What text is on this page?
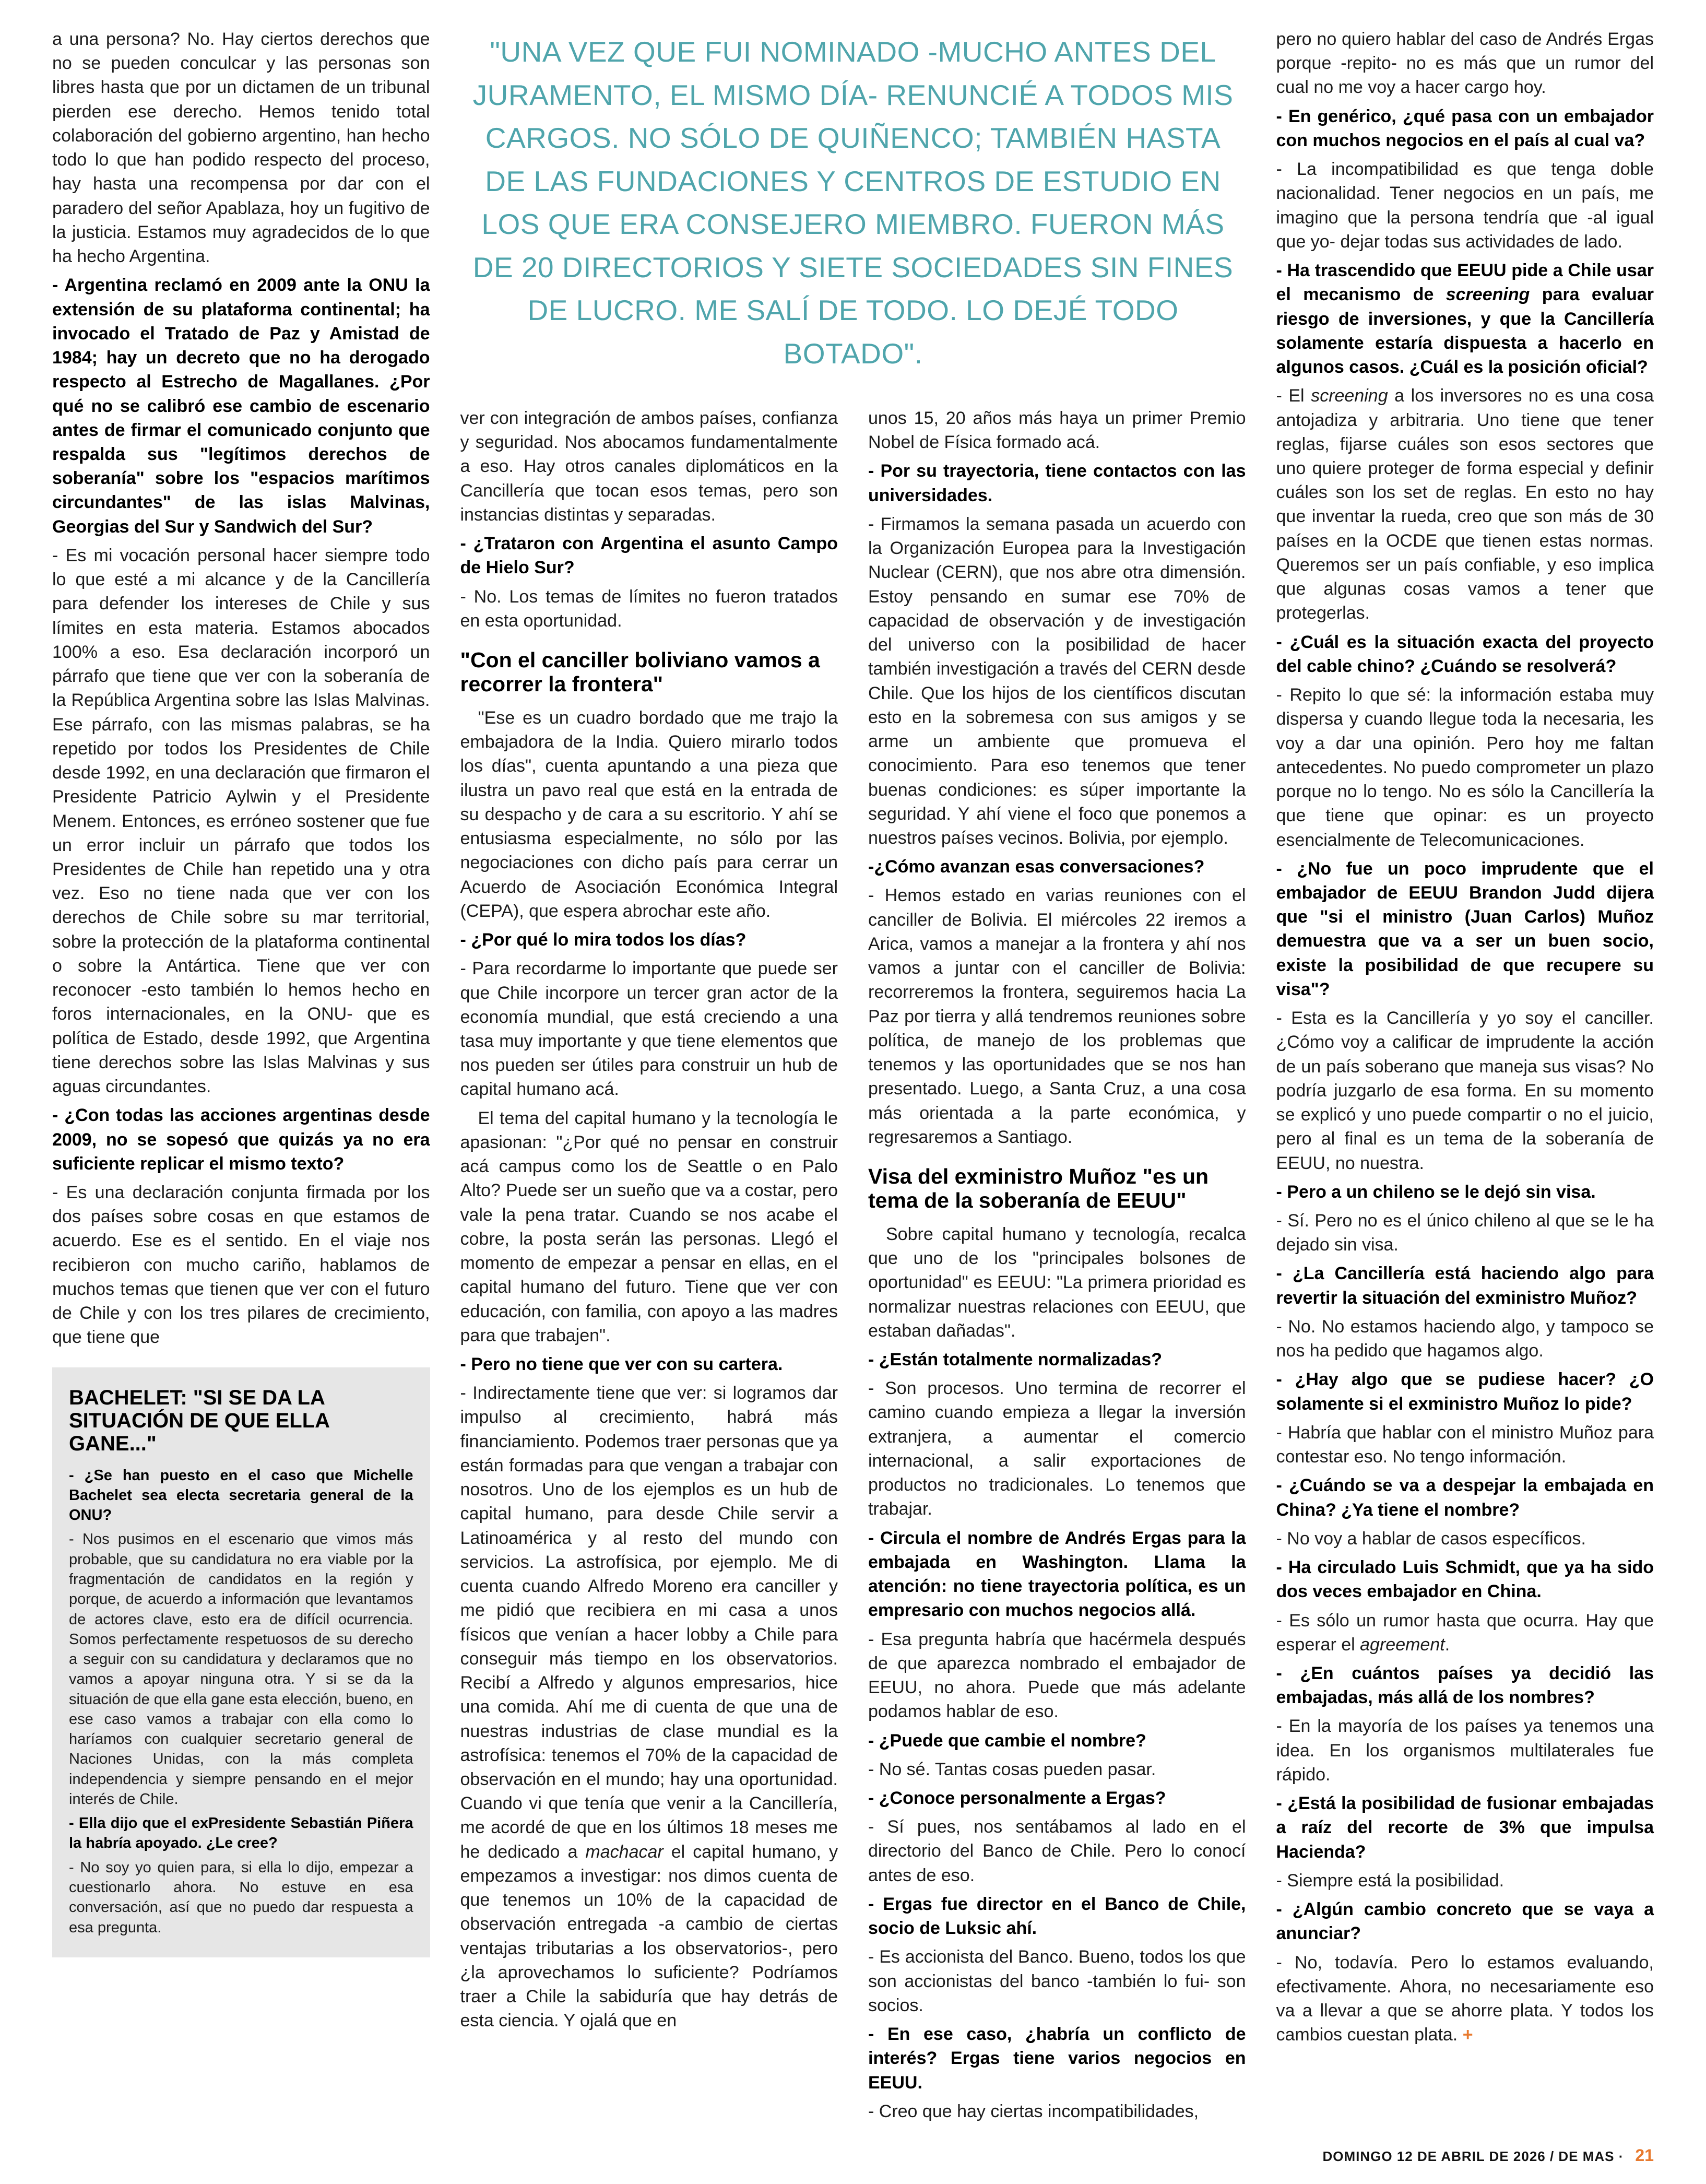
a una persona? No. Hay ciertos derechos que no se pueden conculcar y las personas son libres hasta que por un dictamen de un tribunal pierden ese derecho. Hemos tenido total colaboración del gobierno argentino, han hecho todo lo que han podido respecto del proceso, hay hasta una recompensa por dar con el paradero del señor Apablaza, hoy un fugitivo de la justicia. Estamos muy agradecidos de lo que ha hecho Argentina.

- Argentina reclamó en 2009 ante la ONU la extensión de su plataforma continental; ha invocado el Tratado de Paz y Amistad de 1984; hay un decreto que no ha derogado respecto al Estrecho de Magallanes. ¿Por qué no se calibró ese cambio de escenario antes de firmar el comunicado conjunto que respalda sus "legítimos derechos de soberanía" sobre los "espacios marítimos circundantes" de las islas Malvinas, Georgias del Sur y Sandwich del Sur?

- Es mi vocación personal hacer siempre todo lo que esté a mi alcance y de la Cancillería para defender los intereses de Chile y sus límites en esta materia. Estamos abocados 100% a eso. Esa declaración incorporó un párrafo que tiene que ver con la soberanía de la República Argentina sobre las Islas Malvinas. Ese párrafo, con las mismas palabras, se ha repetido por todos los Presidentes de Chile desde 1992, en una declaración que firmaron el Presidente Patricio Aylwin y el Presidente Menem. Entonces, es erróneo sostener que fue un error incluir un párrafo que todos los Presidentes de Chile han repetido una y otra vez. Eso no tiene nada que ver con los derechos de Chile sobre su mar territorial, sobre la protección de la plataforma continental o sobre la Antártica. Tiene que ver con reconocer -esto también lo hemos hecho en foros internacionales, en la ONU- que es política de Estado, desde 1992, que Argentina tiene derechos sobre las Islas Malvinas y sus aguas circundantes.

- ¿Con todas las acciones argentinas desde 2009, no se sopesó que quizás ya no era suficiente replicar el mismo texto?

- Es una declaración conjunta firmada por los dos países sobre cosas en que estamos de acuerdo. Ese es el sentido. En el viaje nos recibieron con mucho cariño, hablamos de muchos temas que tienen que ver con el futuro de Chile y con los tres pilares de crecimiento, que tiene que

BACHELET: "SI SE DA LA SITUACIÓN DE QUE ELLA GANE..."

- ¿Se han puesto en el caso que Michelle Bachelet sea electa secretaria general de la ONU?

- Nos pusimos en el escenario que vimos más probable, que su candidatura no era viable por la fragmentación de candidatos en la región y porque, de acuerdo a información que levantamos de actores clave, esto era de difícil ocurrencia. Somos perfectamente respetuosos de su derecho a seguir con su candidatura y declaramos que no vamos a apoyar ninguna otra. Y si se da la situación de que ella gane esta elección, bueno, en ese caso vamos a trabajar con ella como lo haríamos con cualquier secretario general de Naciones Unidas, con la más completa independencia y siempre pensando en el mejor interés de Chile.

- Ella dijo que el exPresidente Sebastián Piñera la habría apoyado. ¿Le cree?

- No soy yo quien para, si ella lo dijo, empezar a cuestionarlo ahora. No estuve en esa conversación, así que no puedo dar respuesta a esa pregunta.

"UNA VEZ QUE FUI NOMINADO -MUCHO ANTES DEL JURAMENTO, EL MISMO DÍA- RENUNCIÉ A TODOS MIS CARGOS. NO SÓLO DE QUIÑENCO; TAMBIÉN HASTA DE LAS FUNDACIONES Y CENTROS DE ESTUDIO EN LOS QUE ERA CONSEJERO MIEMBRO. FUERON MÁS DE 20 DIRECTORIOS Y SIETE SOCIEDADES SIN FINES DE LUCRO. ME SALÍ DE TODO. LO DEJÉ TODO BOTADO".

ver con integración de ambos países, confianza y seguridad. Nos abocamos fundamentalmente a eso. Hay otros canales diplomáticos en la Cancillería que tocan esos temas, pero son instancias distintas y separadas.

- ¿Trataron con Argentina el asunto Campo de Hielo Sur?

- No. Los temas de límites no fueron tratados en esta oportunidad.

"Con el canciller boliviano vamos a recorrer la frontera"

"Ese es un cuadro bordado que me trajo la embajadora de la India. Quiero mirarlo todos los días", cuenta apuntando a una pieza que ilustra un pavo real que está en la entrada de su despacho y de cara a su escritorio. Y ahí se entusiasma especialmente, no sólo por las negociaciones con dicho país para cerrar un Acuerdo de Asociación Económica Integral (CEPA), que espera abrochar este año.

- ¿Por qué lo mira todos los días?

- Para recordarme lo importante que puede ser que Chile incorpore un tercer gran actor de la economía mundial, que está creciendo a una tasa muy importante y que tiene elementos que nos pueden ser útiles para construir un hub de capital humano acá.

El tema del capital humano y la tecnología le apasionan: "¿Por qué no pensar en construir acá campus como los de Seattle o en Palo Alto? Puede ser un sueño que va a costar, pero vale la pena tratar. Cuando se nos acabe el cobre, la posta serán las personas. Llegó el momento de empezar a pensar en ellas, en el capital humano del futuro. Tiene que ver con educación, con familia, con apoyo a las madres para que trabajen".

- Pero no tiene que ver con su cartera.

- Indirectamente tiene que ver: si logramos dar impulso al crecimiento, habrá más financiamiento. Podemos traer personas que ya están formadas para que vengan a trabajar con nosotros. Uno de los ejemplos es un hub de capital humano, para desde Chile servir a Latinoamérica y al resto del mundo con servicios. La astrofísica, por ejemplo. Me di cuenta cuando Alfredo Moreno era canciller y me pidió que recibiera en mi casa a unos físicos que venían a hacer lobby a Chile para conseguir más tiempo en los observatorios. Recibí a Alfredo y algunos empresarios, hice una comida. Ahí me di cuenta de que una de nuestras industrias de clase mundial es la astrofísica: tenemos el 70% de la capacidad de observación en el mundo; hay una oportunidad. Cuando vi que tenía que venir a la Cancillería, me acordé de que en los últimos 18 meses me he dedicado a machacar el capital humano, y empezamos a investigar: nos dimos cuenta de que tenemos un 10% de la capacidad de observación entregada -a cambio de ciertas ventajas tributarias a los observatorios-, pero ¿la aprovechamos lo suficiente? Podríamos traer a Chile la sabiduría que hay detrás de esta ciencia. Y ojalá que en

unos 15, 20 años más haya un primer Premio Nobel de Física formado acá.

- Por su trayectoria, tiene contactos con las universidades.

- Firmamos la semana pasada un acuerdo con la Organización Europea para la Investigación Nuclear (CERN), que nos abre otra dimensión. Estoy pensando en sumar ese 70% de capacidad de observación y de investigación del universo con la posibilidad de hacer también investigación a través del CERN desde Chile. Que los hijos de los científicos discutan esto en la sobremesa con sus amigos y se arme un ambiente que promueva el conocimiento. Para eso tenemos que tener buenas condiciones: es súper importante la seguridad. Y ahí viene el foco que ponemos a nuestros países vecinos. Bolivia, por ejemplo.

-¿Cómo avanzan esas conversaciones?

- Hemos estado en varias reuniones con el canciller de Bolivia. El miércoles 22 iremos a Arica, vamos a manejar a la frontera y ahí nos vamos a juntar con el canciller de Bolivia: recorreremos la frontera, seguiremos hacia La Paz por tierra y allá tendremos reuniones sobre política, de manejo de los problemas que tenemos y las oportunidades que se nos han presentado. Luego, a Santa Cruz, a una cosa más orientada a la parte económica, y regresaremos a Santiago.

Visa del exministro Muñoz "es un tema de la soberanía de EEUU"

Sobre capital humano y tecnología, recalca que uno de los "principales bolsones de oportunidad" es EEUU: "La primera prioridad es normalizar nuestras relaciones con EEUU, que estaban dañadas".

- ¿Están totalmente normalizadas?

- Son procesos. Uno termina de recorrer el camino cuando empieza a llegar la inversión extranjera, a aumentar el comercio internacional, a salir exportaciones de productos no tradicionales. Lo tenemos que trabajar.

- Circula el nombre de Andrés Ergas para la embajada en Washington. Llama la atención: no tiene trayectoria política, es un empresario con muchos negocios allá.

- Esa pregunta habría que hacérmela después de que aparezca nombrado el embajador de EEUU, no ahora. Puede que más adelante podamos hablar de eso.

- ¿Puede que cambie el nombre?

- No sé. Tantas cosas pueden pasar.

- ¿Conoce personalmente a Ergas?

- Sí pues, nos sentábamos al lado en el directorio del Banco de Chile. Pero lo conocí antes de eso.

- Ergas fue director en el Banco de Chile, socio de Luksic ahí.

- Es accionista del Banco. Bueno, todos los que son accionistas del banco -también lo fui- son socios.

- En ese caso, ¿habría un conflicto de interés? Ergas tiene varios negocios en EEUU.

- Creo que hay ciertas incompatibilidades,

pero no quiero hablar del caso de Andrés Ergas porque -repito- no es más que un rumor del cual no me voy a hacer cargo hoy.

- En genérico, ¿qué pasa con un embajador con muchos negocios en el país al cual va?

- La incompatibilidad es que tenga doble nacionalidad. Tener negocios en un país, me imagino que la persona tendría que -al igual que yo- dejar todas sus actividades de lado.

- Ha trascendido que EEUU pide a Chile usar el mecanismo de screening para evaluar riesgo de inversiones, y que la Cancillería solamente estaría dispuesta a hacerlo en algunos casos. ¿Cuál es la posición oficial?

- El screening a los inversores no es una cosa antojadiza y arbitraria. Uno tiene que tener reglas, fijarse cuáles son esos sectores que uno quiere proteger de forma especial y definir cuáles son los set de reglas. En esto no hay que inventar la rueda, creo que son más de 30 países en la OCDE que tienen estas normas. Queremos ser un país confiable, y eso implica que algunas cosas vamos a tener que protegerlas.

- ¿Cuál es la situación exacta del proyecto del cable chino? ¿Cuándo se resolverá?

- Repito lo que sé: la información estaba muy dispersa y cuando llegue toda la necesaria, les voy a dar una opinión. Pero hoy me faltan antecedentes. No puedo comprometer un plazo porque no lo tengo. No es sólo la Cancillería la que tiene que opinar: es un proyecto esencialmente de Telecomunicaciones.

- ¿No fue un poco imprudente que el embajador de EEUU Brandon Judd dijera que "si el ministro (Juan Carlos) Muñoz demuestra que va a ser un buen socio, existe la posibilidad de que recupere su visa"?

- Esta es la Cancillería y yo soy el canciller. ¿Cómo voy a calificar de imprudente la acción de un país soberano que maneja sus visas? No podría juzgarlo de esa forma. En su momento se explicó y uno puede compartir o no el juicio, pero al final es un tema de la soberanía de EEUU, no nuestra.

- Pero a un chileno se le dejó sin visa.

- Sí. Pero no es el único chileno al que se le ha dejado sin visa.

- ¿La Cancillería está haciendo algo para revertir la situación del exministro Muñoz?

- No. No estamos haciendo algo, y tampoco se nos ha pedido que hagamos algo.

- ¿Hay algo que se pudiese hacer? ¿O solamente si el exministro Muñoz lo pide?

- Habría que hablar con el ministro Muñoz para contestar eso. No tengo información.

- ¿Cuándo se va a despejar la embajada en China? ¿Ya tiene el nombre?

- No voy a hablar de casos específicos.

- Ha circulado Luis Schmidt, que ya ha sido dos veces embajador en China.

- Es sólo un rumor hasta que ocurra. Hay que esperar el agreement.

- ¿En cuántos países ya decidió las embajadas, más allá de los nombres?

- En la mayoría de los países ya tenemos una idea. En los organismos multilaterales fue rápido.

- ¿Está la posibilidad de fusionar embajadas a raíz del recorte de 3% que impulsa Hacienda?

- Siempre está la posibilidad.

- ¿Algún cambio concreto que se vaya a anunciar?

- No, todavía. Pero lo estamos evaluando, efectivamente. Ahora, no necesariamente eso va a llevar a que se ahorre plata. Y todos los cambios cuestan plata. +

DOMINGO 12 DE ABRIL DE 2026 / DE MAS · 21
